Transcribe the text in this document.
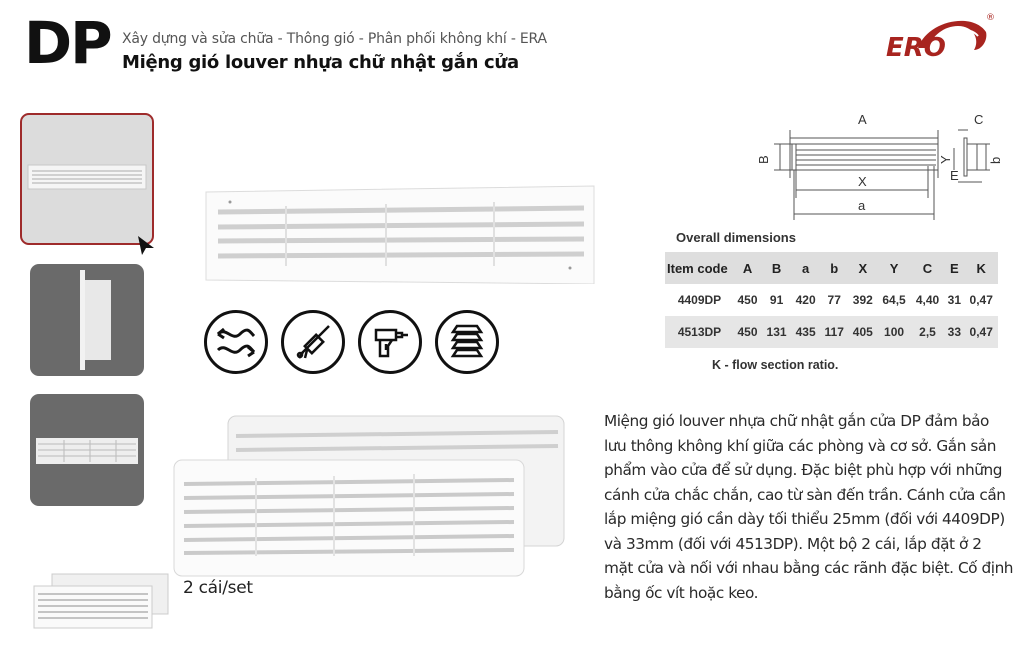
DP Xây dựng và sửa chữa - Thông gió - Phân phối không khí - ERA
Miệng gió louver nhựa chữ nhật gắn cửa	ERO
®
2 cái/set
A
B
X
a
Y
C
b
E
Overall dimensions
Item code	A	B	a	b	X	Y	C	E	K
4409DP	450	91	420	77	392	64,5	4,40	31	0,47
4513DP	450	131	435	117	405	100	2,5	33	0,47
K - flow section ratio.
Miệng gió louver nhựa chữ nhật gắn cửa DP đảm bảo lưu thông không khí giữa các phòng và cơ sở. Gắn sản phẩm vào cửa để sử dụng. Đặc biệt phù hợp với những cánh cửa chắc chắn, cao từ sàn đến trần. Cánh cửa cần lắp miệng gió cần dày tối thiểu 25mm (đối với 4409DP) và 33mm (đối với 4513DP). Một bộ 2 cái, lắp đặt ở 2 mặt cửa và nối với nhau bằng các rãnh đặc biệt. Cố định bằng ốc vít hoặc keo.
